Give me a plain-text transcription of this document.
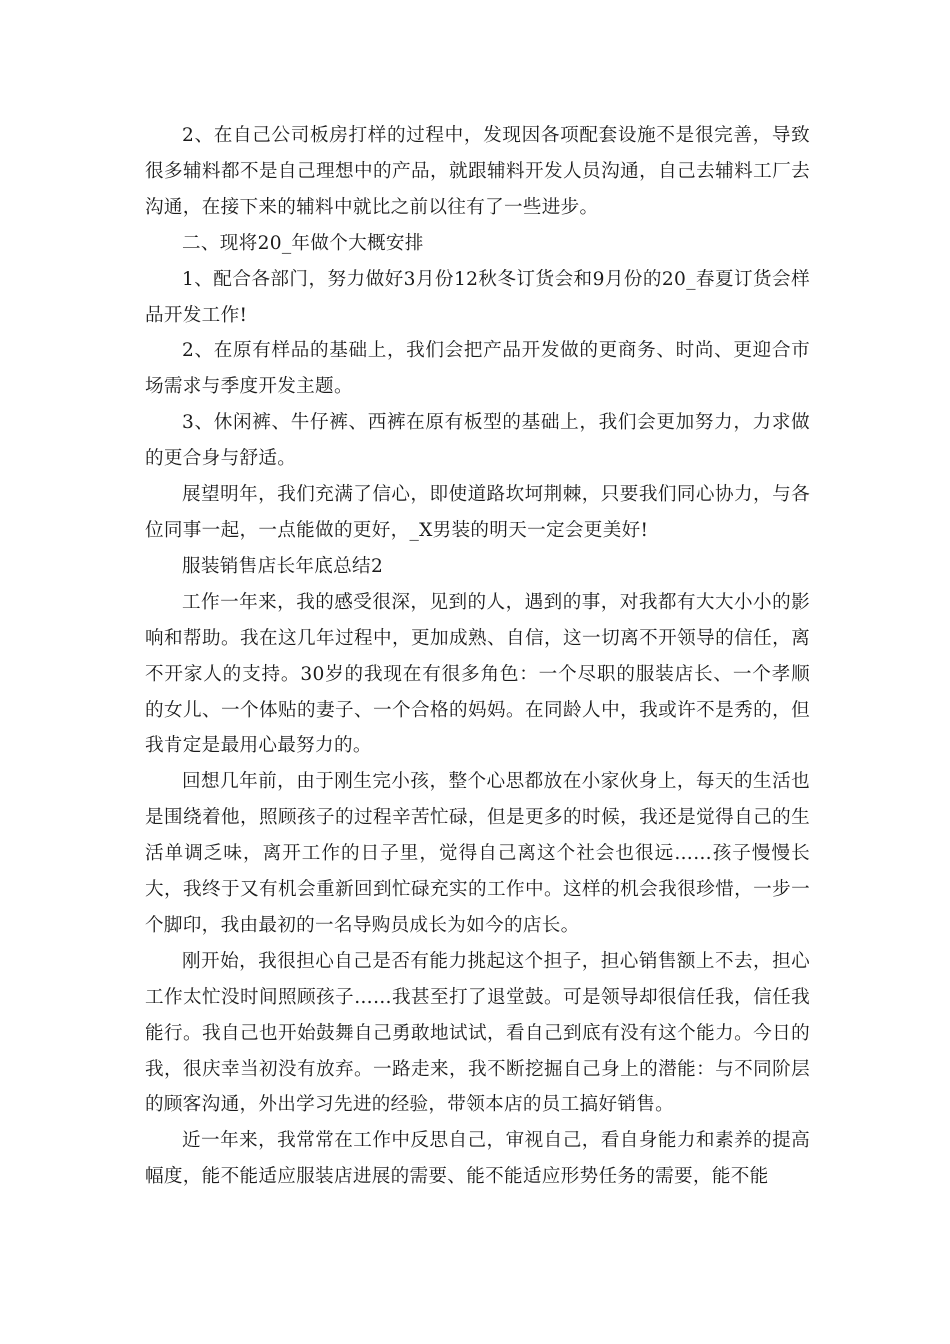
2、在自己公司板房打样的过程中，发现因各项配套设施不是很完善，导致很多辅料都不是自己理想中的产品，就跟辅料开发人员沟通，自己去辅料工厂去沟通，在接下来的辅料中就比之前以往有了一些进步。

二、现将20_年做个大概安排

1、配合各部门，努力做好3月份12秋冬订货会和9月份的20_春夏订货会样品开发工作!

2、在原有样品的基础上，我们会把产品开发做的更商务、时尚、更迎合市场需求与季度开发主题。

3、休闲裤、牛仔裤、西裤在原有板型的基础上，我们会更加努力，力求做的更合身与舒适。

展望明年，我们充满了信心，即使道路坎坷荆棘，只要我们同心协力，与各位同事一起，一点能做的更好，_X男装的明天一定会更美好!

服装销售店长年底总结2

工作一年来，我的感受很深，见到的人，遇到的事，对我都有大大小小的影响和帮助。我在这几年过程中，更加成熟、自信，这一切离不开领导的信任，离不开家人的支持。30岁的我现在有很多角色：一个尽职的服装店长、一个孝顺的女儿、一个体贴的妻子、一个合格的妈妈。在同龄人中，我或许不是秀的，但我肯定是最用心最努力的。

回想几年前，由于刚生完小孩，整个心思都放在小家伙身上，每天的生活也是围绕着他，照顾孩子的过程辛苦忙碌，但是更多的时候，我还是觉得自己的生活单调乏味，离开工作的日子里，觉得自己离这个社会也很远……孩子慢慢长大，我终于又有机会重新回到忙碌充实的工作中。这样的机会我很珍惜，一步一个脚印，我由最初的一名导购员成长为如今的店长。

刚开始，我很担心自己是否有能力挑起这个担子，担心销售额上不去，担心工作太忙没时间照顾孩子……我甚至打了退堂鼓。可是领导却很信任我，信任我能行。我自己也开始鼓舞自己勇敢地试试，看自己到底有没有这个能力。今日的我，很庆幸当初没有放弃。一路走来，我不断挖掘自己身上的潜能：与不同阶层的顾客沟通，外出学习先进的经验，带领本店的员工搞好销售。

近一年来，我常常在工作中反思自己，审视自己，看自身能力和素养的提高幅度，能不能适应服装店进展的需要、能不能适应形势任务的需要，能不能
